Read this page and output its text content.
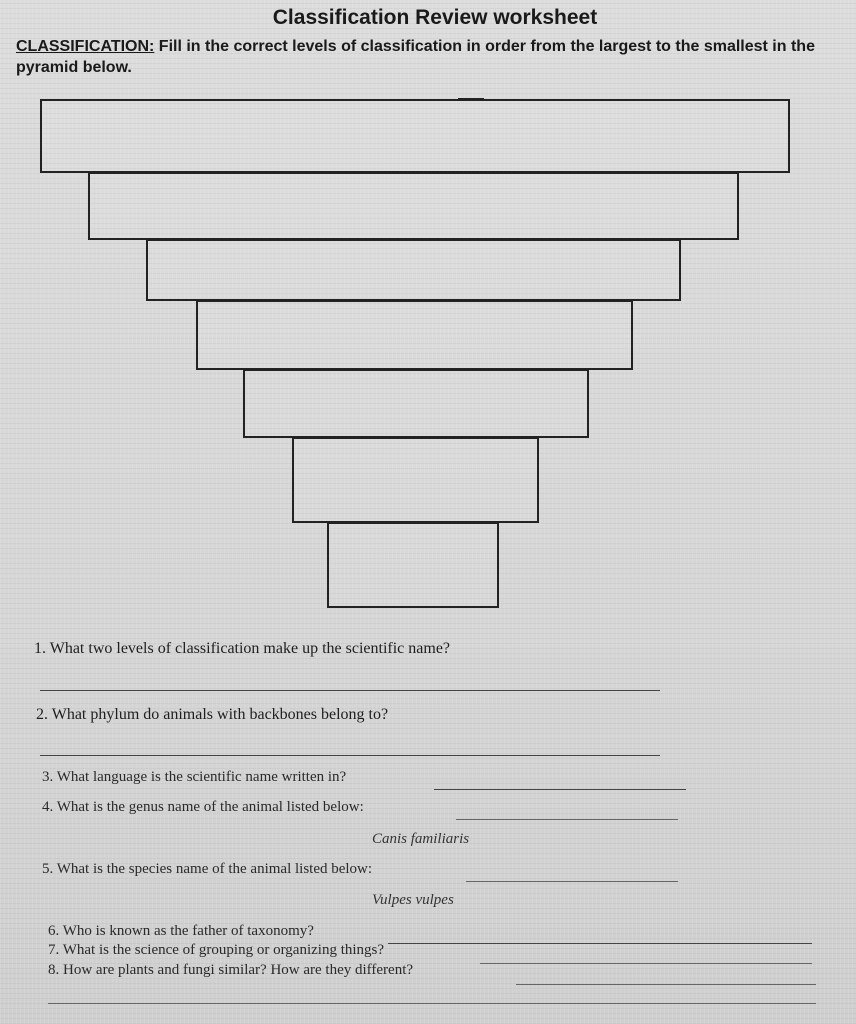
Classification Review worksheet
CLASSIFICATION: Fill in the correct levels of classification in order from the largest to the smallest in the pyramid below.
1. What two levels of classification make up the scientific name?
2. What phylum do animals with backbones belong to?
3. What language is the scientific name written in?
4. What is the genus name of the animal listed below:
Canis familiaris
5. What is the species name of the animal listed below:
Vulpes vulpes
6. Who is known as the father of taxonomy?
7. What is the science of grouping or organizing things?
8. How are plants and fungi similar? How are they different?
